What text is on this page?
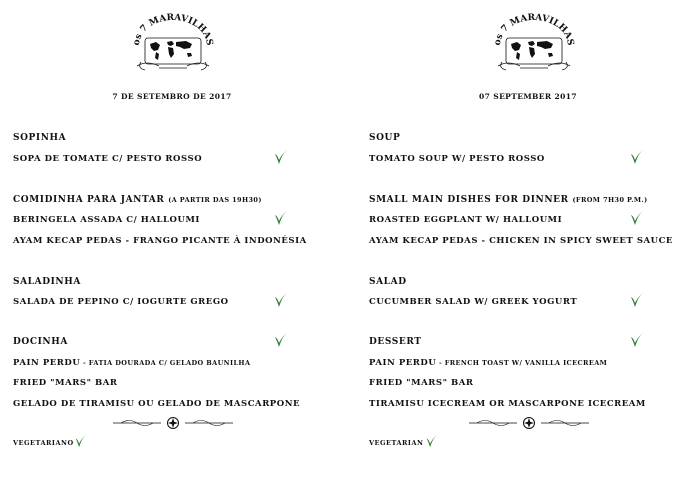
os 7 MARAVILHAS
7 DE SETEMBRO DE 2017
SOPINHA
SOPA DE TOMATE C/ PESTO ROSSO
COMIDINHA PARA JANTAR (A PARTIR DAS 19H30)
BERINGELA ASSADA C/ HALLOUMI
AYAM KECAP PEDAS - FRANGO PICANTE À INDONÉSIA
SALADINHA
SALADA DE PEPINO C/ IOGURTE GREGO
DOCINHA
PAIN PERDU - FATIA DOURADA C/ GELADO BAUNILHA
FRIED "MARS" BAR
GELADO DE TIRAMISU OU GELADO DE MASCARPONE
VEGETARIANO
os 7 MARAVILHAS
07 SEPTEMBER 2017
SOUP
TOMATO SOUP W/ PESTO ROSSO
SMALL MAIN DISHES FOR DINNER (FROM 7H30 P.M.)
ROASTED EGGPLANT W/ HALLOUMI
AYAM KECAP PEDAS - CHICKEN IN SPICY SWEET SAUCE
SALAD
CUCUMBER SALAD W/ GREEK YOGURT
DESSERT
PAIN PERDU - FRENCH TOAST W/ VANILLA ICECREAM
FRIED "MARS" BAR
TIRAMISU ICECREAM OR MASCARPONE ICECREAM
VEGETARIAN
